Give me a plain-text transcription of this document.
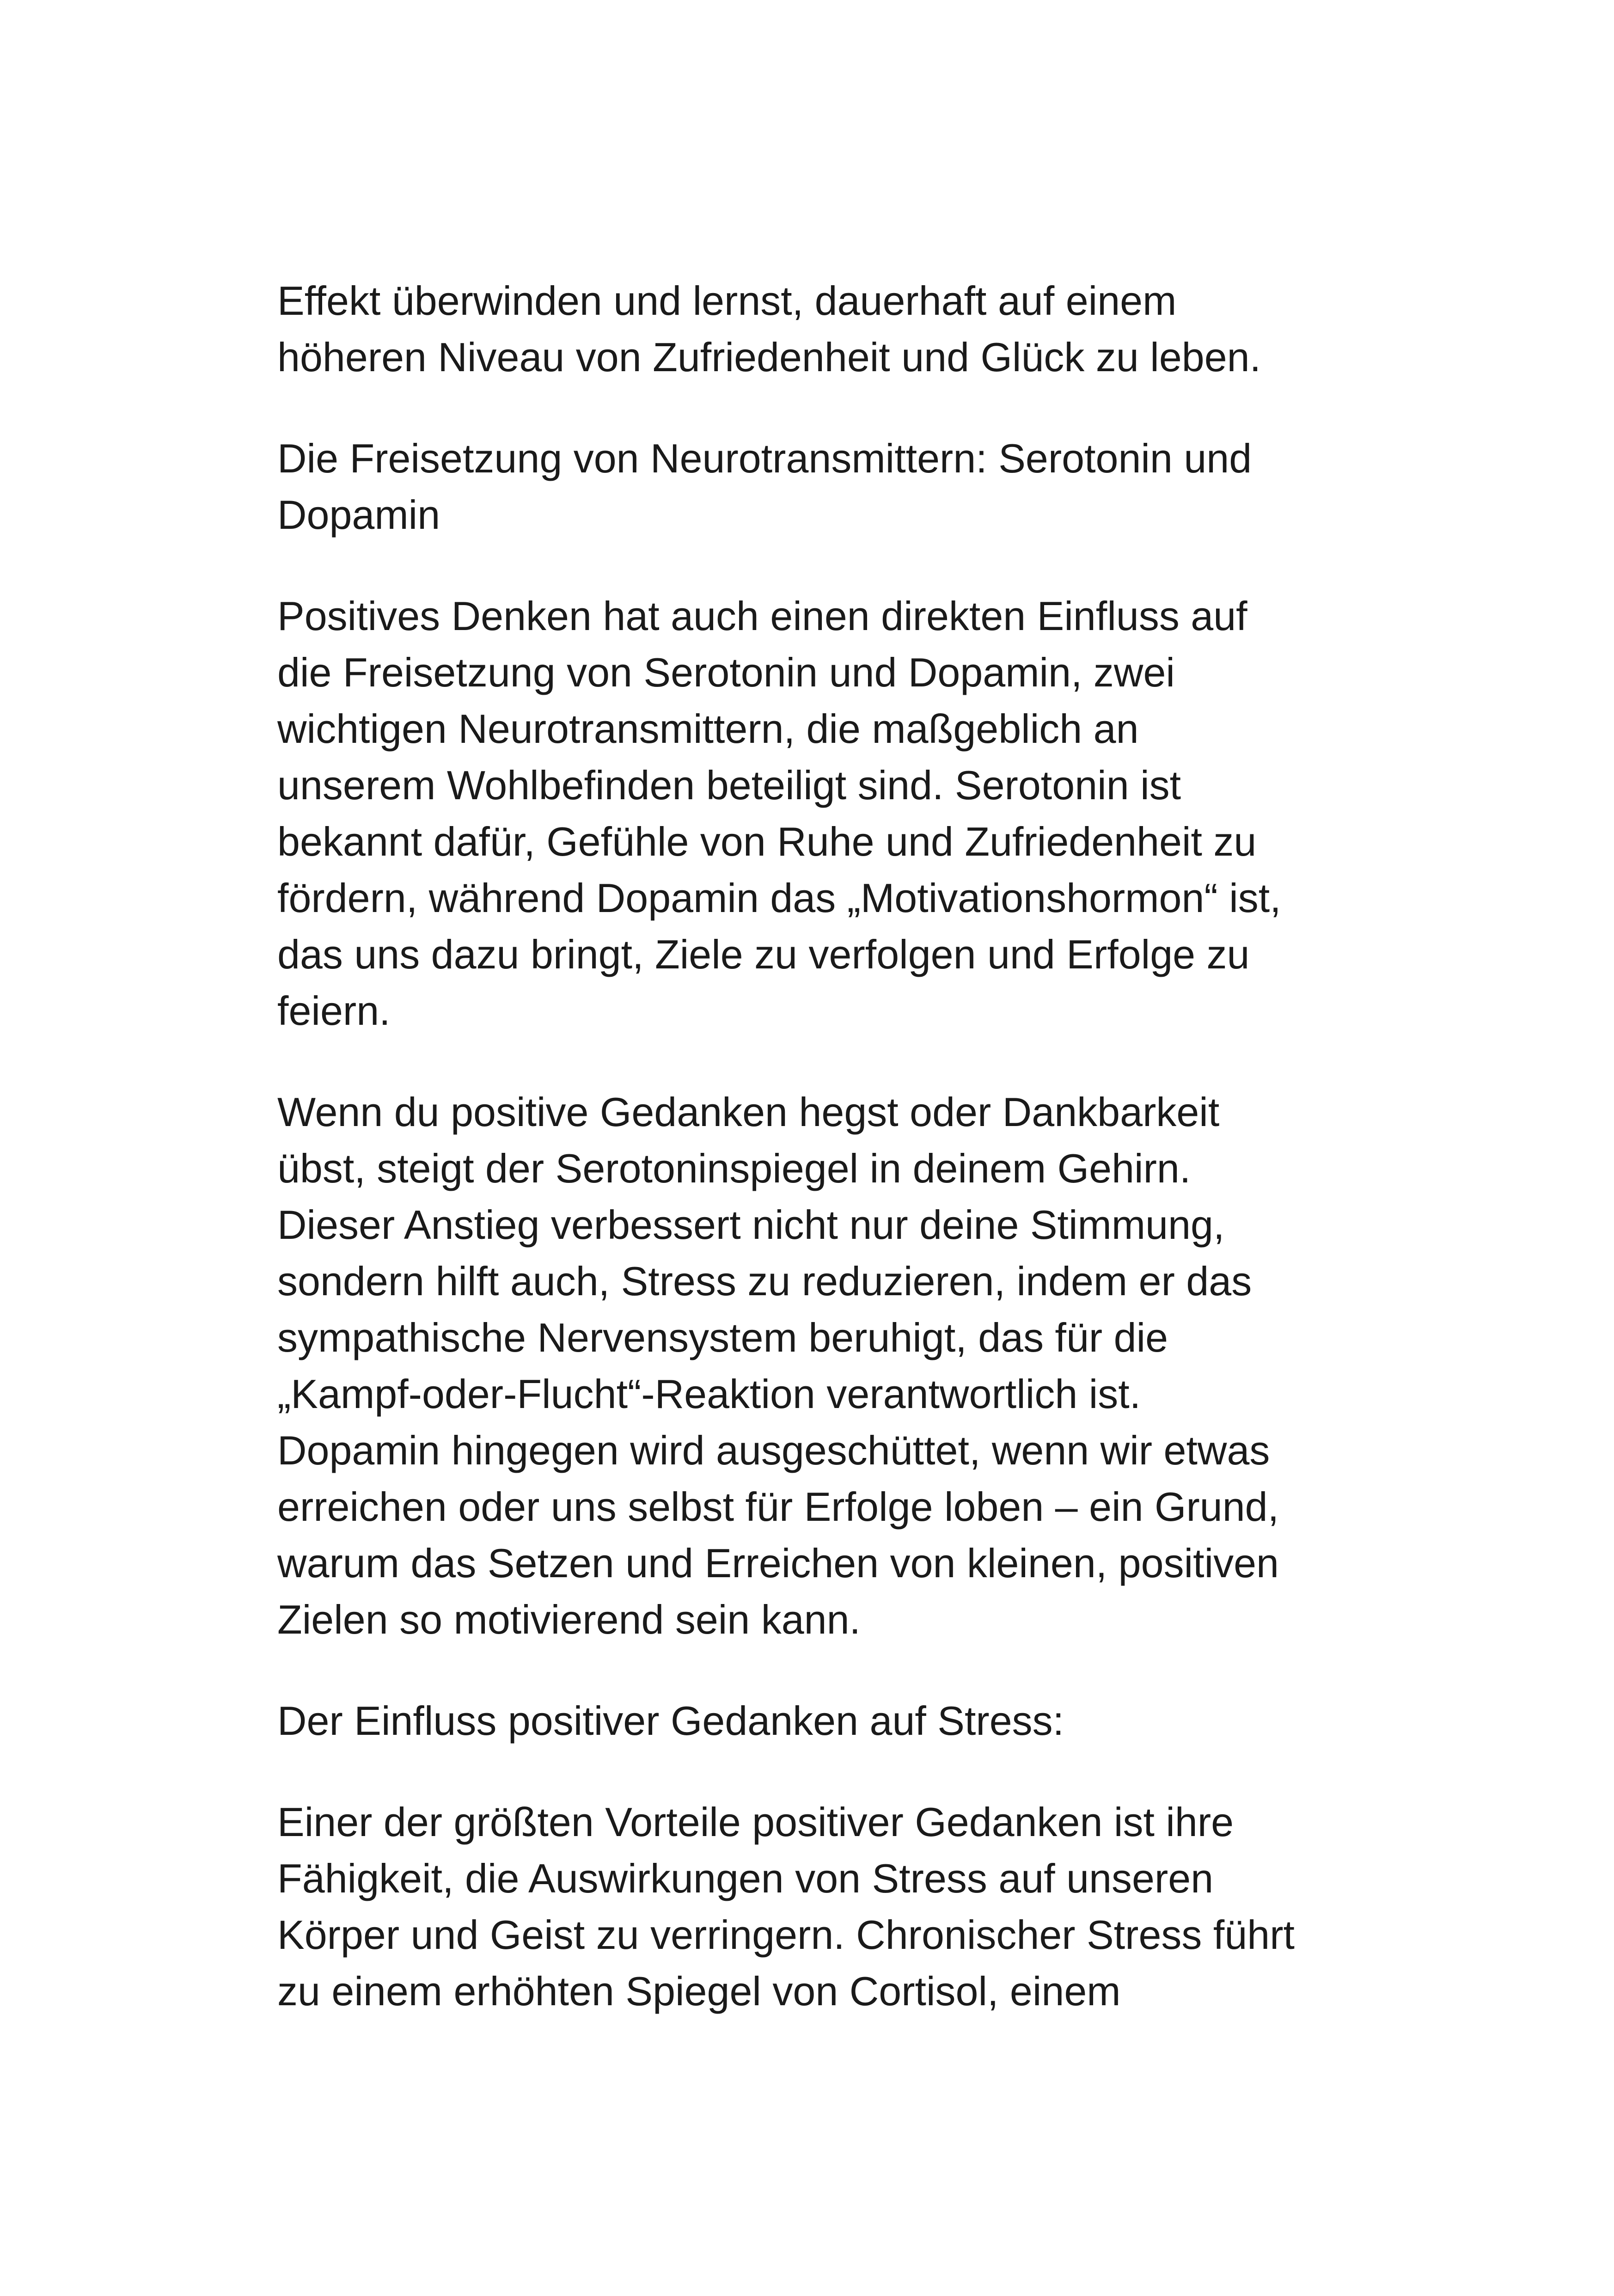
Effekt überwinden und lernst, dauerhaft auf einem
höheren Niveau von Zufriedenheit und Glück zu leben.

Die Freisetzung von Neurotransmittern: Serotonin und
Dopamin

Positives Denken hat auch einen direkten Einfluss auf
die Freisetzung von Serotonin und Dopamin, zwei
wichtigen Neurotransmittern, die maßgeblich an
unserem Wohlbefinden beteiligt sind. Serotonin ist
bekannt dafür, Gefühle von Ruhe und Zufriedenheit zu
fördern, während Dopamin das „Motivationshormon“ ist,
das uns dazu bringt, Ziele zu verfolgen und Erfolge zu
feiern.

Wenn du positive Gedanken hegst oder Dankbarkeit
übst, steigt der Serotoninspiegel in deinem Gehirn.
Dieser Anstieg verbessert nicht nur deine Stimmung,
sondern hilft auch, Stress zu reduzieren, indem er das
sympathische Nervensystem beruhigt, das für die
„Kampf-oder-Flucht“-Reaktion verantwortlich ist.
Dopamin hingegen wird ausgeschüttet, wenn wir etwas
erreichen oder uns selbst für Erfolge loben – ein Grund,
warum das Setzen und Erreichen von kleinen, positiven
Zielen so motivierend sein kann.

Der Einfluss positiver Gedanken auf Stress:

Einer der größten Vorteile positiver Gedanken ist ihre
Fähigkeit, die Auswirkungen von Stress auf unseren
Körper und Geist zu verringern. Chronischer Stress führt
zu einem erhöhten Spiegel von Cortisol, einem
